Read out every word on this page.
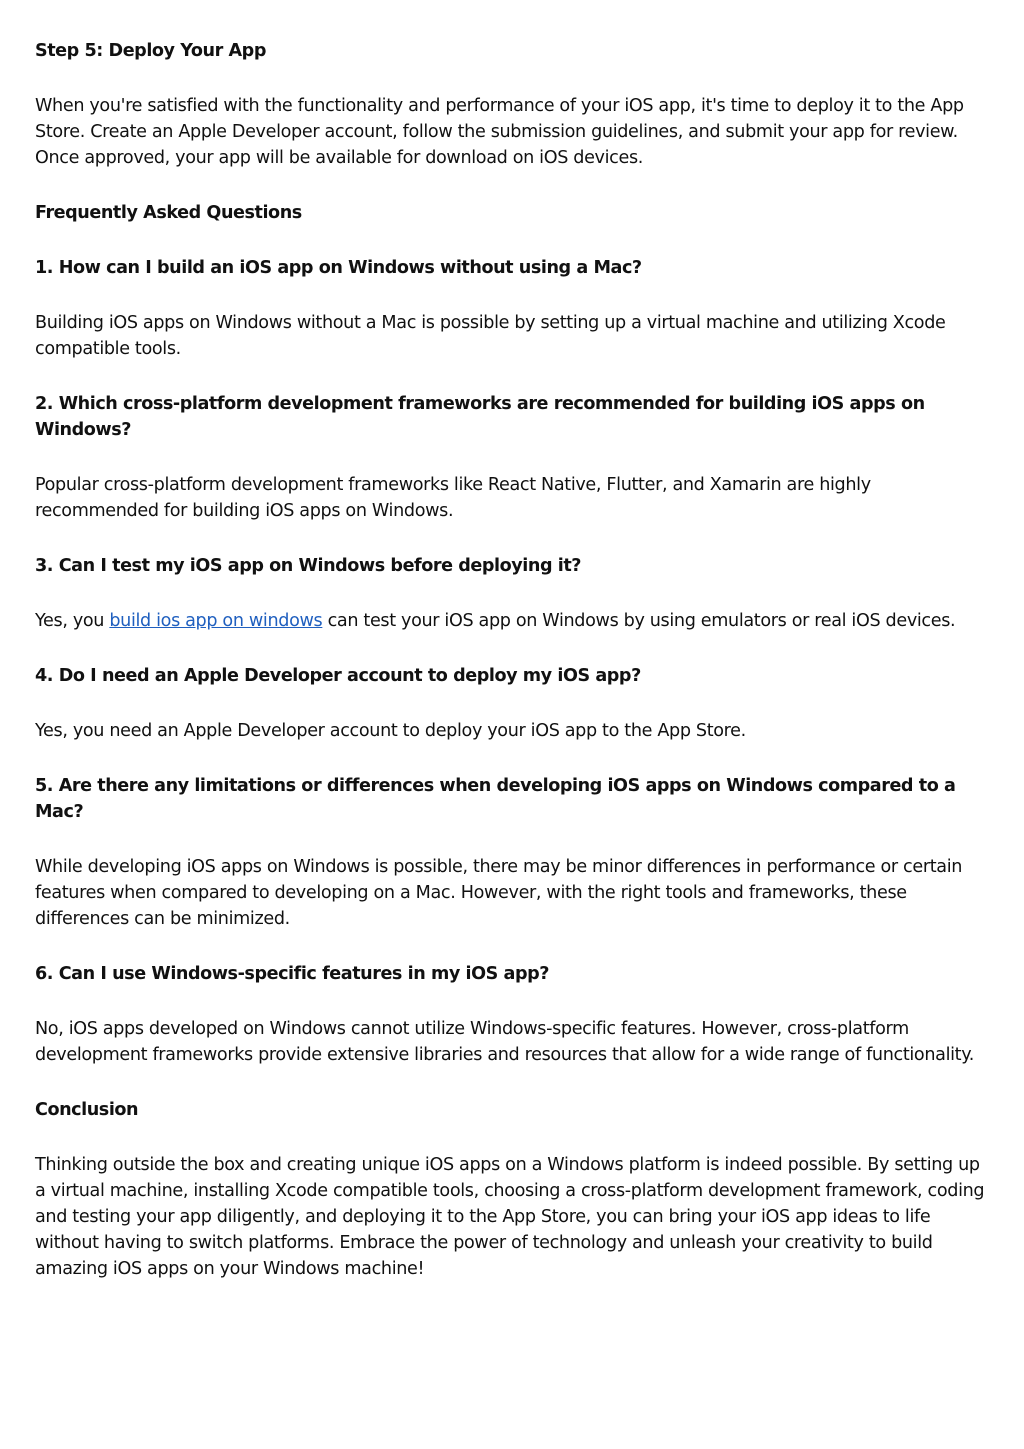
Step 5: Deploy Your App
When you're satisfied with the functionality and performance of your iOS app, it's time to deploy it to the App Store. Create an Apple Developer account, follow the submission guidelines, and submit your app for review. Once approved, your app will be available for download on iOS devices.
Frequently Asked Questions
1. How can I build an iOS app on Windows without using a Mac?
Building iOS apps on Windows without a Mac is possible by setting up a virtual machine and utilizing Xcode compatible tools.
2. Which cross-platform development frameworks are recommended for building iOS apps on Windows?
Popular cross-platform development frameworks like React Native, Flutter, and Xamarin are highly recommended for building iOS apps on Windows.
3. Can I test my iOS app on Windows before deploying it?
Yes, you build ios app on windows can test your iOS app on Windows by using emulators or real iOS devices.
4. Do I need an Apple Developer account to deploy my iOS app?
Yes, you need an Apple Developer account to deploy your iOS app to the App Store.
5. Are there any limitations or differences when developing iOS apps on Windows compared to a Mac?
While developing iOS apps on Windows is possible, there may be minor differences in performance or certain features when compared to developing on a Mac. However, with the right tools and frameworks, these differences can be minimized.
6. Can I use Windows-specific features in my iOS app?
No, iOS apps developed on Windows cannot utilize Windows-specific features. However, cross-platform development frameworks provide extensive libraries and resources that allow for a wide range of functionality.
Conclusion
Thinking outside the box and creating unique iOS apps on a Windows platform is indeed possible. By setting up a virtual machine, installing Xcode compatible tools, choosing a cross-platform development framework, coding and testing your app diligently, and deploying it to the App Store, you can bring your iOS app ideas to life without having to switch platforms. Embrace the power of technology and unleash your creativity to build amazing iOS apps on your Windows machine!
